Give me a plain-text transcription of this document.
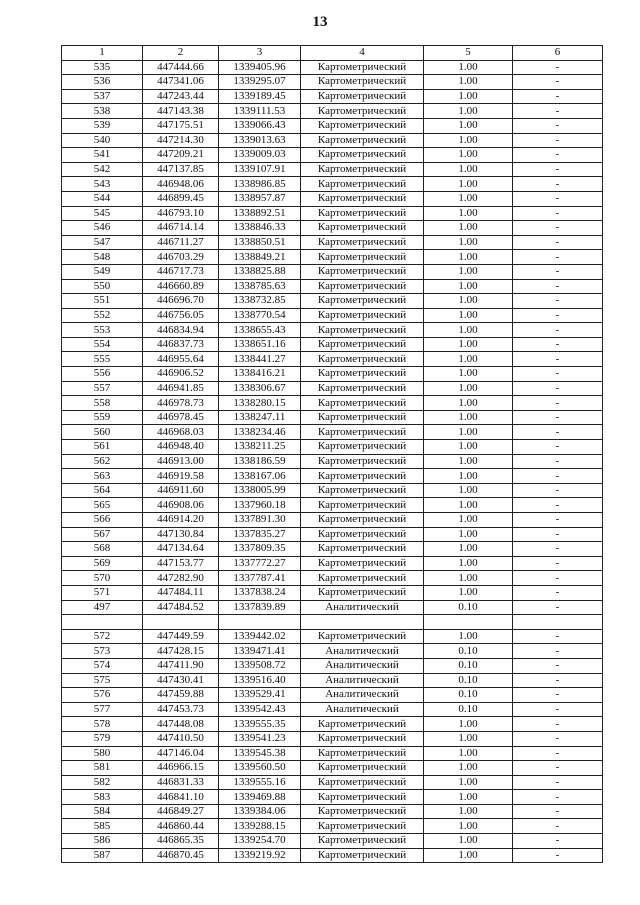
13
1	2	3	4	5	6
535	447444.66	1339405.96	Картометрический	1.00	-
536	447341.06	1339295.07	Картометрический	1.00	-
537	447243.44	1339189.45	Картометрический	1.00	-
538	447143.38	1339111.53	Картометрический	1.00	-
539	447175.51	1339066.43	Картометрический	1.00	-
540	447214.30	1339013.63	Картометрический	1.00	-
541	447209.21	1339009.03	Картометрический	1.00	-
542	447137.85	1339107.91	Картометрический	1.00	-
543	446948.06	1338986.85	Картометрический	1.00	-
544	446899.45	1338957.87	Картометрический	1.00	-
545	446793.10	1338892.51	Картометрический	1.00	-
546	446714.14	1338846.33	Картометрический	1.00	-
547	446711.27	1338850.51	Картометрический	1.00	-
548	446703.29	1338849.21	Картометрический	1.00	-
549	446717.73	1338825.88	Картометрический	1.00	-
550	446660.89	1338785.63	Картометрический	1.00	-
551	446696.70	1338732.85	Картометрический	1.00	-
552	446756.05	1338770.54	Картометрический	1.00	-
553	446834.94	1338655.43	Картометрический	1.00	-
554	446837.73	1338651.16	Картометрический	1.00	-
555	446955.64	1338441.27	Картометрический	1.00	-
556	446906.52	1338416.21	Картометрический	1.00	-
557	446941.85	1338306.67	Картометрический	1.00	-
558	446978.73	1338280.15	Картометрический	1.00	-
559	446978.45	1338247.11	Картометрический	1.00	-
560	446968.03	1338234.46	Картометрический	1.00	-
561	446948.40	1338211.25	Картометрический	1.00	-
562	446913.00	1338186.59	Картометрический	1.00	-
563	446919.58	1338167.06	Картометрический	1.00	-
564	446911.60	1338005.99	Картометрический	1.00	-
565	446908.06	1337960.18	Картометрический	1.00	-
566	446914.20	1337891.30	Картометрический	1.00	-
567	447130.84	1337835.27	Картометрический	1.00	-
568	447134.64	1337809.35	Картометрический	1.00	-
569	447153.77	1337772.27	Картометрический	1.00	-
570	447282.90	1337787.41	Картометрический	1.00	-
571	447484.11	1337838.24	Картометрический	1.00	-
497	447484.52	1337839.89	Аналитический	0.10	-

572	447449.59	1339442.02	Картометрический	1.00	-
573	447428.15	1339471.41	Аналитический	0.10	-
574	447411.90	1339508.72	Аналитический	0.10	-
575	447430.41	1339516.40	Аналитический	0.10	-
576	447459.88	1339529.41	Аналитический	0.10	-
577	447453.73	1339542.43	Аналитический	0.10	-
578	447448.08	1339555.35	Картометрический	1.00	-
579	447410.50	1339541.23	Картометрический	1.00	-
580	447146.04	1339545.38	Картометрический	1.00	-
581	446966.15	1339560.50	Картометрический	1.00	-
582	446831.33	1339555.16	Картометрический	1.00	-
583	446841.10	1339469.88	Картометрический	1.00	-
584	446849.27	1339384.06	Картометрический	1.00	-
585	446860.44	1339288.15	Картометрический	1.00	-
586	446865.35	1339254.70	Картометрический	1.00	-
587	446870.45	1339219.92	Картометрический	1.00	-
